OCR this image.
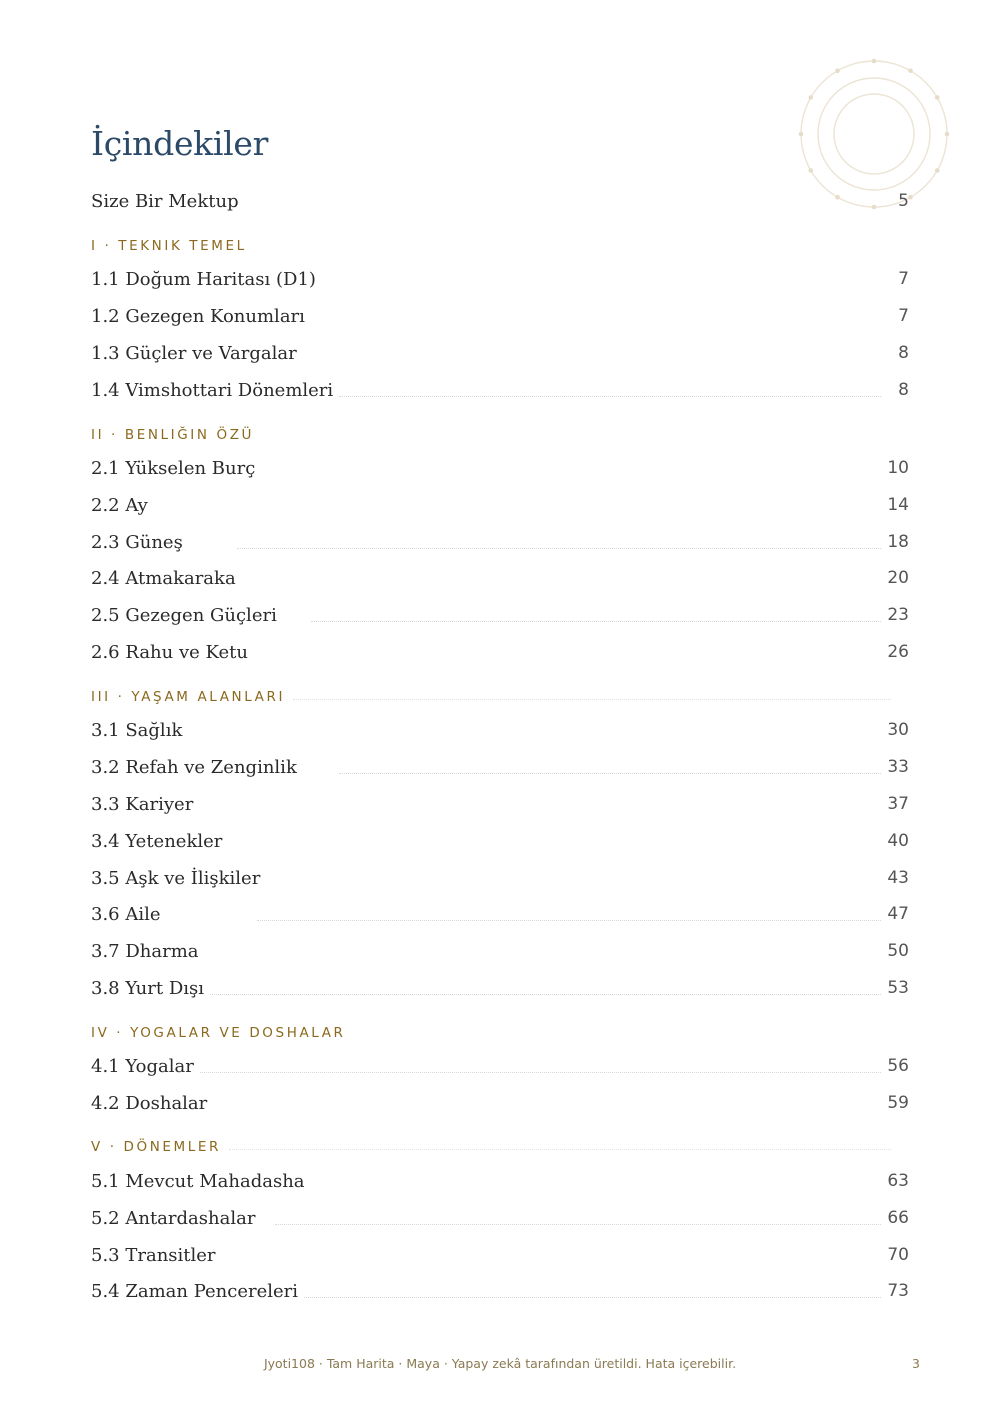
İçindekiler
Size Bir Mektup	5
I · TEKNIK TEMEL
1.1 Doğum Haritası (D1)	7
1.2 Gezegen Konumları	7
1.3 Güçler ve Vargalar	8
1.4 Vimshottari Dönemleri	8
II · BENLIĞIN ÖZÜ
2.1 Yükselen Burç	10
2.2 Ay	14
2.3 Güneş	18
2.4 Atmakaraka	20
2.5 Gezegen Güçleri	23
2.6 Rahu ve Ketu	26
III · YAŞAM ALANLARI
3.1 Sağlık	30
3.2 Refah ve Zenginlik	33
3.3 Kariyer	37
3.4 Yetenekler	40
3.5 Aşk ve İlişkiler	43
3.6 Aile	47
3.7 Dharma	50
3.8 Yurt Dışı	53
IV · YOGALAR VE DOSHALAR
4.1 Yogalar	56
4.2 Doshalar	59
V · DÖNEMLER
5.1 Mevcut Mahadasha	63
5.2 Antardashalar	66
5.3 Transitler	70
5.4 Zaman Pencereleri	73
Jyoti108 · Tam Harita · Maya · Yapay zekâ tarafından üretildi. Hata içerebilir.	3
